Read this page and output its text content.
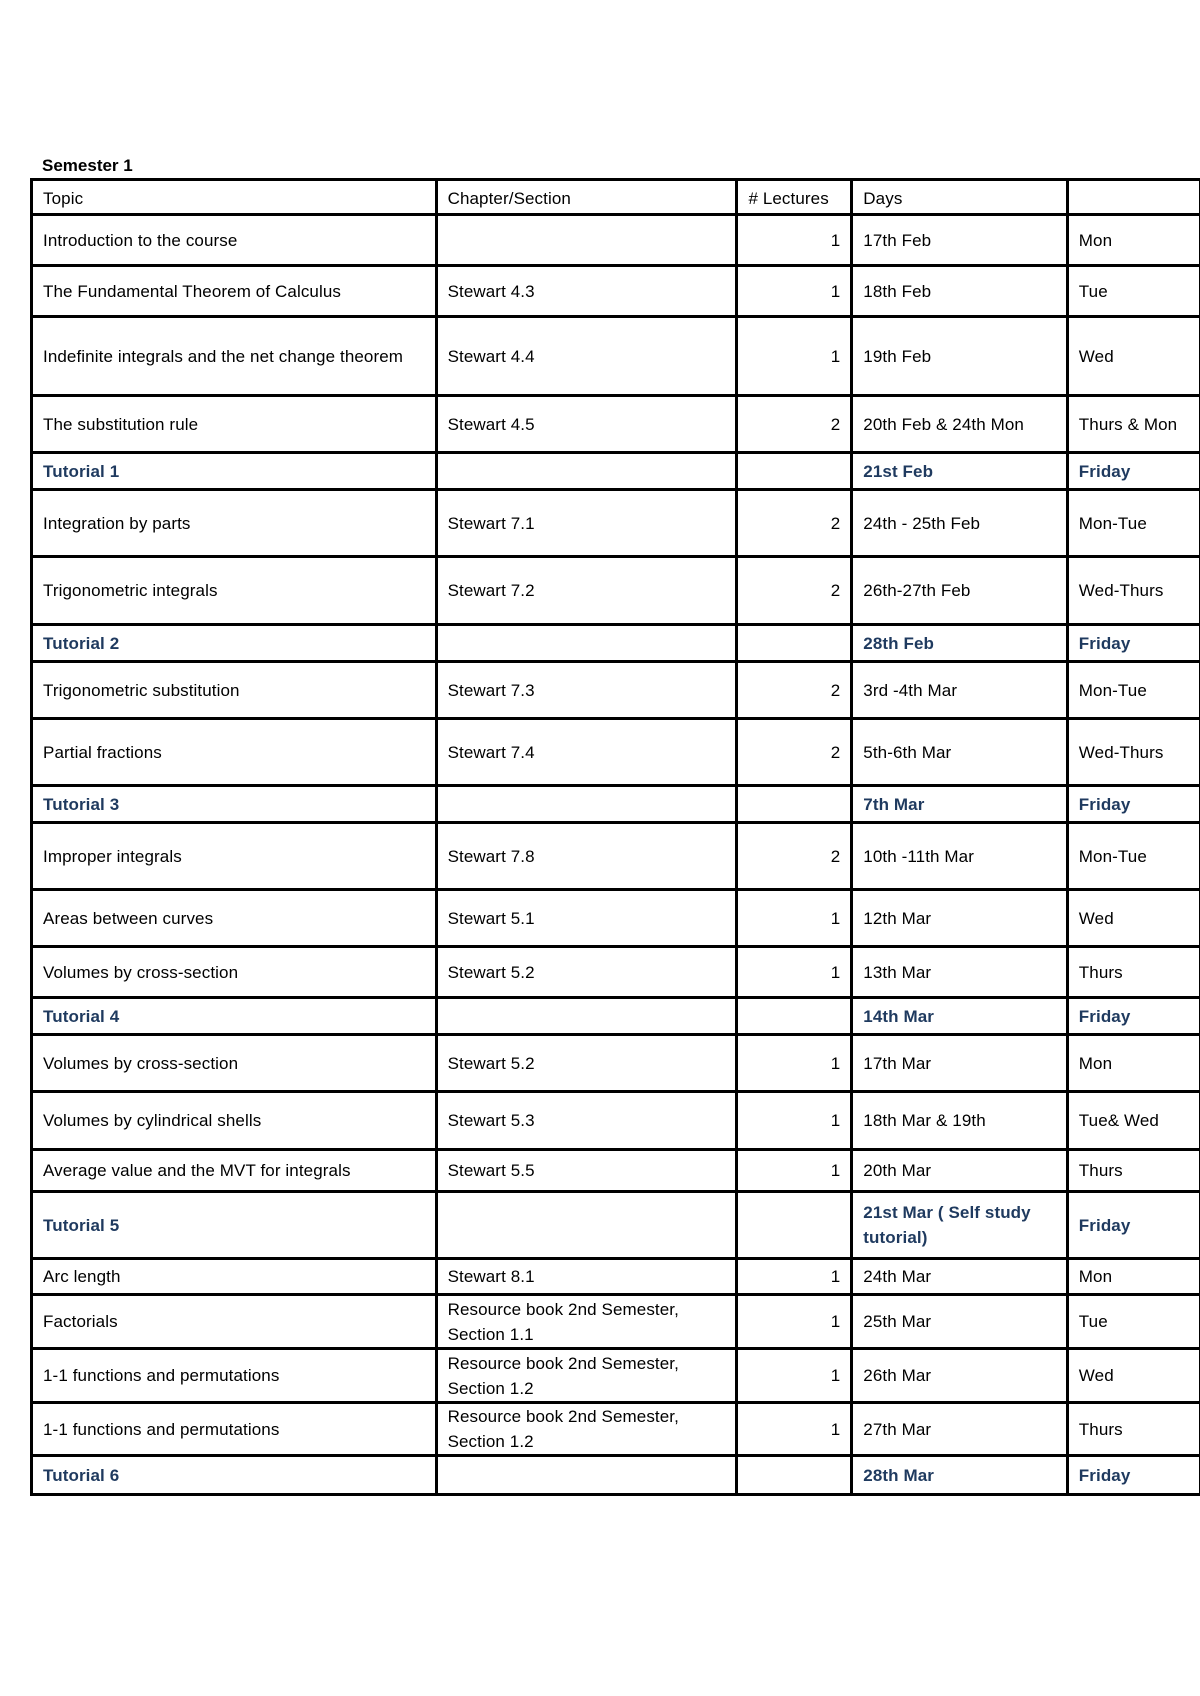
Semester 1
Topic	Chapter/Section	# Lectures	Days	
Introduction to the course		1	17th Feb	Mon
The Fundamental Theorem of Calculus	Stewart 4.3	1	18th Feb	Tue
Indefinite integrals and the net change theorem	Stewart 4.4	1	19th Feb	Wed
The substitution rule	Stewart 4.5	2	20th Feb & 24th Mon	Thurs & Mon
Tutorial 1			21st Feb	Friday
Integration by parts	Stewart 7.1	2	24th - 25th Feb	Mon-Tue
Trigonometric integrals	Stewart 7.2	2	26th-27th Feb	Wed-Thurs
Tutorial 2			28th Feb	Friday
Trigonometric substitution	Stewart 7.3	2	3rd -4th Mar	Mon-Tue
Partial fractions	Stewart 7.4	2	5th-6th Mar	Wed-Thurs
Tutorial 3			7th Mar	Friday
Improper integrals	Stewart 7.8	2	10th -11th Mar	Mon-Tue
Areas between curves	Stewart 5.1	1	12th Mar	Wed
Volumes by cross-section	Stewart 5.2	1	13th Mar	Thurs
Tutorial 4			14th Mar	Friday
Volumes by cross-section	Stewart 5.2	1	17th Mar	Mon
Volumes by cylindrical shells	Stewart 5.3	1	18th Mar & 19th	Tue& Wed
Average value and the MVT for integrals	Stewart 5.5	1	20th Mar	Thurs
Tutorial 5			21st Mar ( Self study tutorial)	Friday
Arc length	Stewart 8.1	1	24th Mar	Mon
Factorials	Resource book 2nd Semester, Section 1.1	1	25th Mar	Tue
1-1 functions and permutations	Resource book 2nd Semester, Section 1.2	1	26th Mar	Wed
1-1 functions and permutations	Resource book 2nd Semester, Section 1.2	1	27th Mar	Thurs
Tutorial 6			28th Mar	Friday
